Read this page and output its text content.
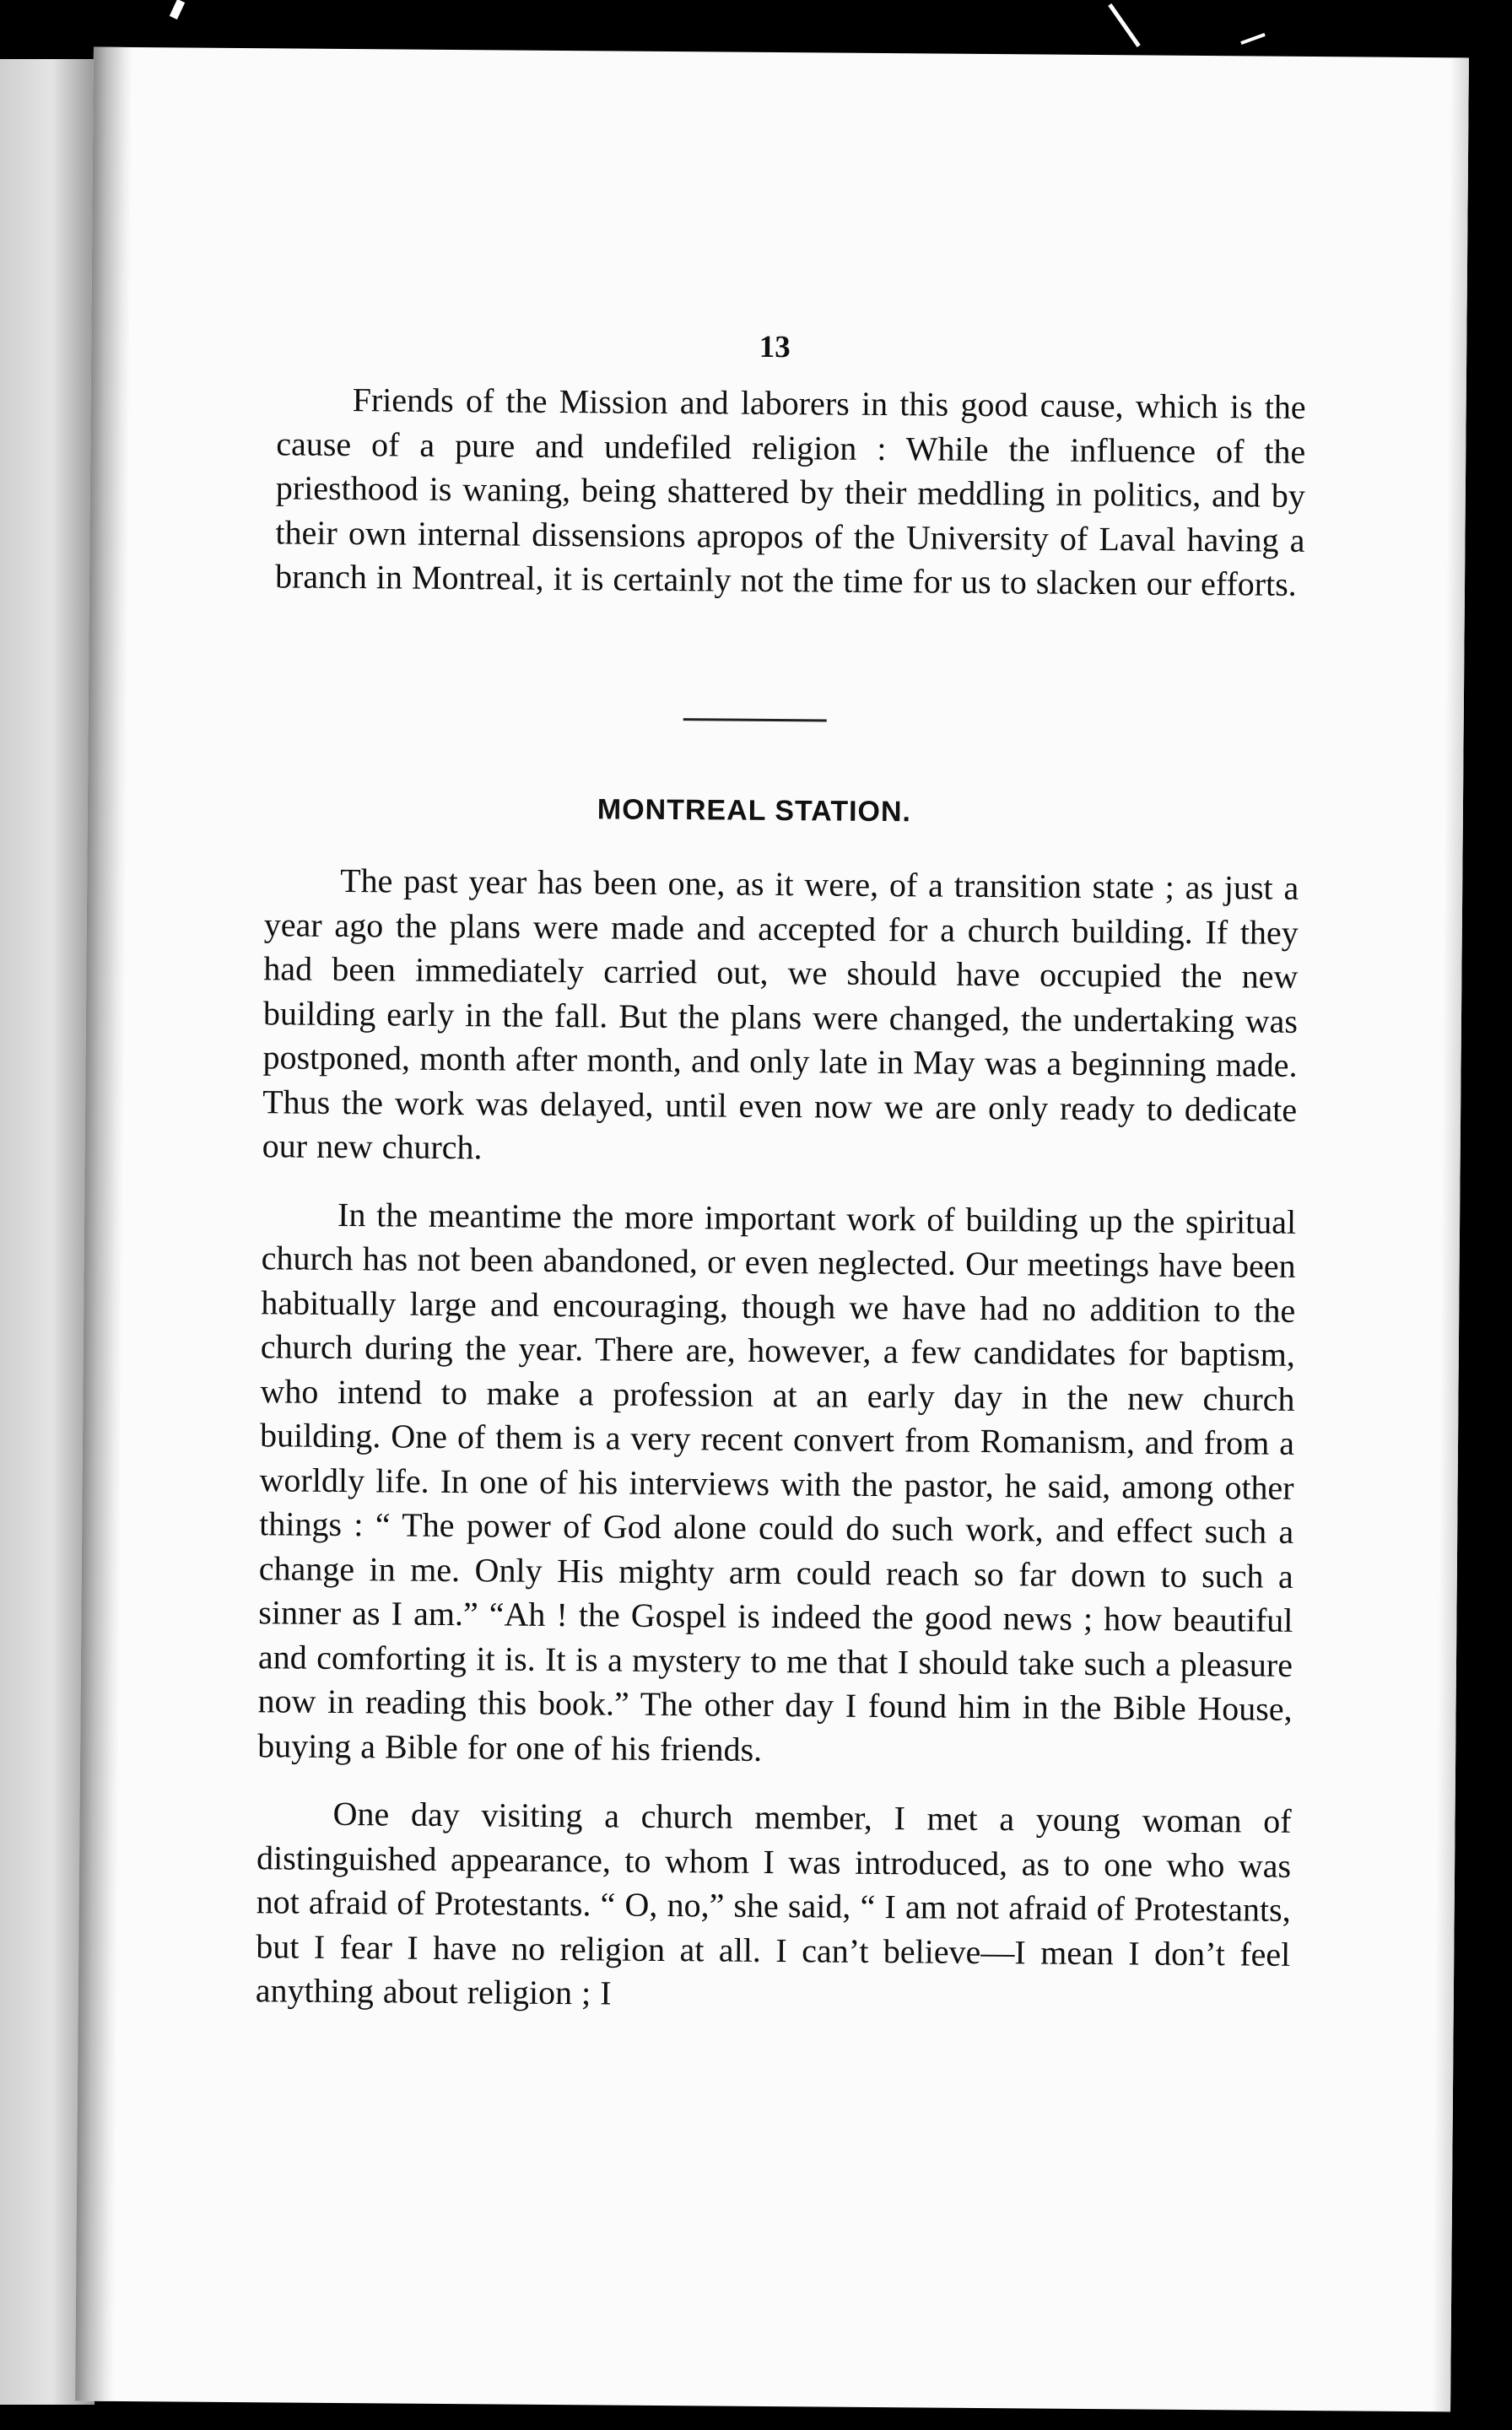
13

Friends of the Mission and laborers in this good cause, which is the cause of a pure and undefiled religion : While the influence of the priesthood is waning, being shattered by their meddling in politics, and by their own internal dissensions apropos of the University of Laval having a branch in Montreal, it is certainly not the time for us to slacken our efforts.

MONTREAL STATION.

The past year has been one, as it were, of a transition state ; as just a year ago the plans were made and accepted for a church building. If they had been immediately carried out, we should have occupied the new building early in the fall. But the plans were changed, the undertaking was postponed, month after month, and only late in May was a beginning made. Thus the work was delayed, until even now we are only ready to dedicate our new church.

In the meantime the more important work of building up the spiritual church has not been abandoned, or even neglected. Our meetings have been habitually large and encouraging, though we have had no addition to the church during the year. There are, however, a few candidates for baptism, who intend to make a profession at an early day in the new church building. One of them is a very recent convert from Romanism, and from a worldly life. In one of his interviews with the pastor, he said, among other things : “ The power of God alone could do such work, and effect such a change in me. Only His mighty arm could reach so far down to such a sinner as I am.” “Ah ! the Gospel is indeed the good news ; how beautiful and comforting it is. It is a mystery to me that I should take such a pleasure now in reading this book.” The other day I found him in the Bible House, buying a Bible for one of his friends.

One day visiting a church member, I met a young woman of distinguished appearance, to whom I was introduced, as to one who was not afraid of Protestants. “ O, no,” she said, “ I am not afraid of Protestants, but I fear I have no religion at all. I can’t believe—I mean I don’t feel anything about religion ; I
